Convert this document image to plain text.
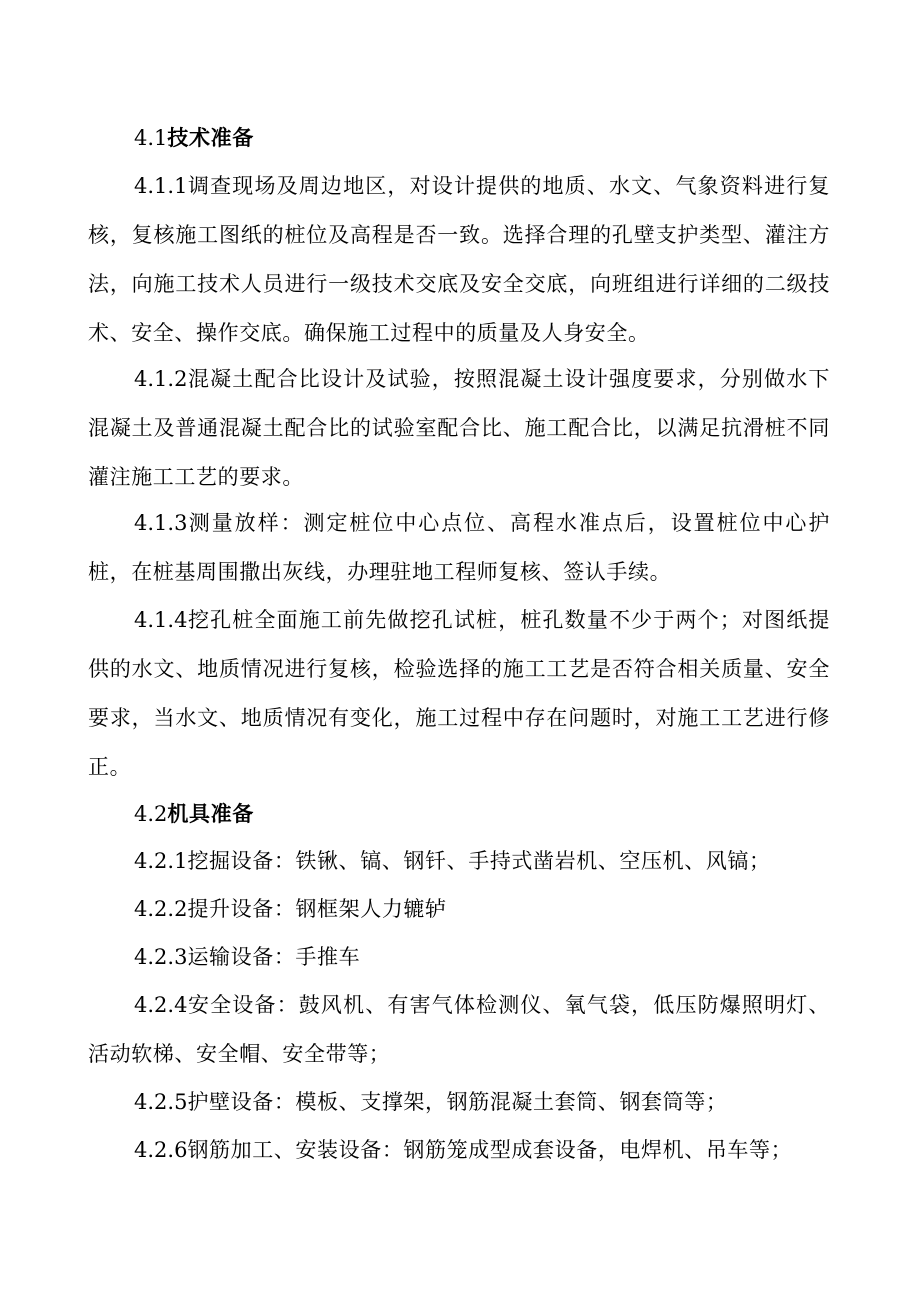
4.1技术准备

4.1.1调查现场及周边地区，对设计提供的地质、水文、气象资料进行复核，复核施工图纸的桩位及高程是否一致。选择合理的孔壁支护类型、灌注方法，向施工技术人员进行一级技术交底及安全交底，向班组进行详细的二级技术、安全、操作交底。确保施工过程中的质量及人身安全。

4.1.2混凝土配合比设计及试验，按照混凝土设计强度要求，分别做水下混凝土及普通混凝土配合比的试验室配合比、施工配合比，以满足抗滑桩不同灌注施工工艺的要求。

4.1.3测量放样：测定桩位中心点位、高程水准点后，设置桩位中心护桩，在桩基周围撒出灰线，办理驻地工程师复核、签认手续。

4.1.4挖孔桩全面施工前先做挖孔试桩，桩孔数量不少于两个；对图纸提供的水文、地质情况进行复核，检验选择的施工工艺是否符合相关质量、安全要求，当水文、地质情况有变化，施工过程中存在问题时，对施工工艺进行修正。

4.2机具准备

4.2.1挖掘设备：铁锹、镐、钢钎、手持式凿岩机、空压机、风镐；

4.2.2提升设备：钢框架人力辘轳

4.2.3运输设备：手推车

4.2.4安全设备：鼓风机、有害气体检测仪、氧气袋，低压防爆照明灯、活动软梯、安全帽、安全带等；

4.2.5护壁设备：模板、支撑架，钢筋混凝土套筒、钢套筒等；

4.2.6钢筋加工、安装设备：钢筋笼成型成套设备，电焊机、吊车等；
